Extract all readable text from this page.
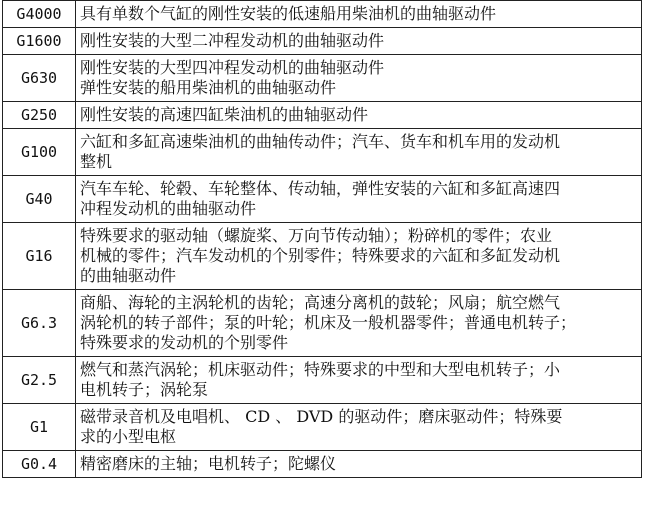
G4000	具有单数个气缸的刚性安装的低速船用柴油机的曲轴驱动件

G1600	刚性安装的大型二冲程发动机的曲轴驱动件

G630	刚性安装的大型四冲程发动机的曲轴驱动件
弹性安装的船用柴油机的曲轴驱动件

G250	刚性安装的高速四缸柴油机的曲轴驱动件

G100	六缸和多缸高速柴油机的曲轴传动件；汽车、货车和机车用的发动机
整机

G40	汽车车轮、轮毂、车轮整体、传动轴，弹性安装的六缸和多缸高速四
冲程发动机的曲轴驱动件

G16	特殊要求的驱动轴（螺旋桨、万向节传动轴）；粉碎机的零件；农业
机械的零件；汽车发动机的个别零件；特殊要求的六缸和多缸发动机
的曲轴驱动件

G6.3	商船、海轮的主涡轮机的齿轮；高速分离机的鼓轮；风扇；航空燃气
涡轮机的转子部件；泵的叶轮；机床及一般机器零件；普通电机转子；
特殊要求的发动机的个别零件

G2.5	燃气和蒸汽涡轮；机床驱动件；特殊要求的中型和大型电机转子；小
电机转子；涡轮泵

G1	磁带录音机及电唱机、 CD 、 DVD 的驱动件；磨床驱动件；特殊要
求的小型电枢

G0.4	精密磨床的主轴；电机转子；陀螺仪
